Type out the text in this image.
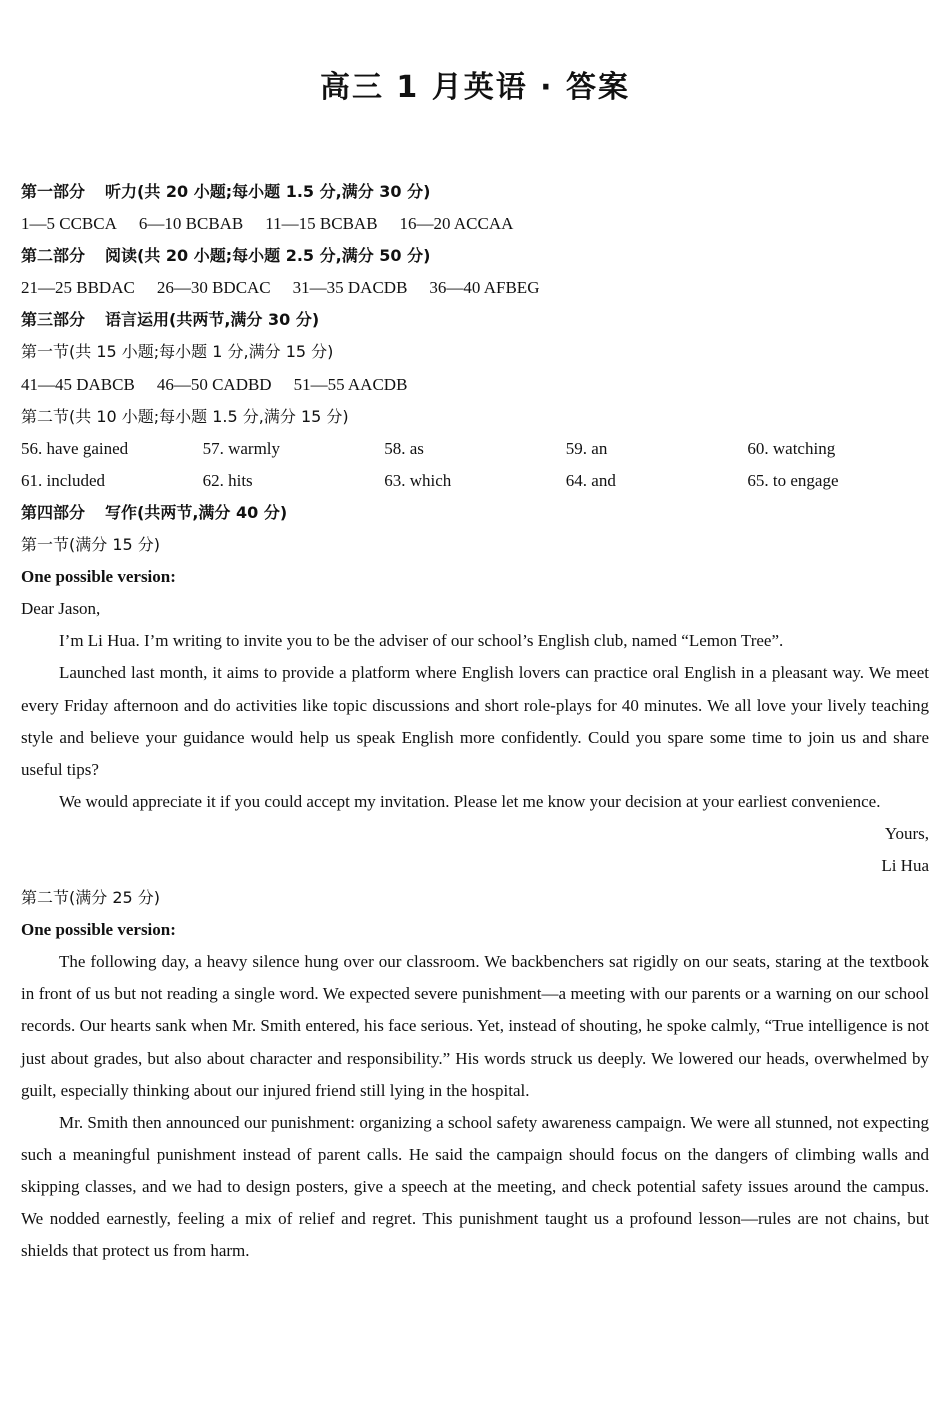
高三 1 月英语 · 答案
第一部分 听力(共 20 小题;每小题 1.5 分,满分 30 分)
1—5 CCBCA 6—10 BCBAB 11—15 BCBAB 16—20 ACCAA
第二部分 阅读(共 20 小题;每小题 2.5 分,满分 50 分)
21—25 BBDAC 26—30 BDCAC 31—35 DACDB 36—40 AFBEG
第三部分 语言运用(共两节,满分 30 分)
第一节(共 15 小题;每小题 1 分,满分 15 分)
41—45 DABCB 46—50 CADBD 51—55 AACDB
第二节(共 10 小题;每小题 1.5 分,满分 15 分)
56. have gained	57. warmly	58. as	59. an	60. watching
61. included	62. hits	63. which	64. and	65. to engage
第四部分 写作(共两节,满分 40 分)
第一节(满分 15 分)
One possible version:
Dear Jason,
I’m Li Hua. I’m writing to invite you to be the adviser of our school’s English club, named “Lemon Tree”.
Launched last month, it aims to provide a platform where English lovers can practice oral English in a pleasant way. We meet every Friday afternoon and do activities like topic discussions and short role-plays for 40 minutes. We all love your lively teaching style and believe your guidance would help us speak English more confidently. Could you spare some time to join us and share useful tips?
We would appreciate it if you could accept my invitation. Please let me know your decision at your earliest convenience.
Yours,
Li Hua
第二节(满分 25 分)
One possible version:
The following day, a heavy silence hung over our classroom. We backbenchers sat rigidly on our seats, staring at the textbook in front of us but not reading a single word. We expected severe punishment—a meeting with our parents or a warning on our school records. Our hearts sank when Mr. Smith entered, his face serious. Yet, instead of shouting, he spoke calmly, “True intelligence is not just about grades, but also about character and responsibility.” His words struck us deeply. We lowered our heads, overwhelmed by guilt, especially thinking about our injured friend still lying in the hospital.
Mr. Smith then announced our punishment: organizing a school safety awareness campaign. We were all stunned, not expecting such a meaningful punishment instead of parent calls. He said the campaign should focus on the dangers of climbing walls and skipping classes, and we had to design posters, give a speech at the meeting, and check potential safety issues around the campus. We nodded earnestly, feeling a mix of relief and regret. This punishment taught us a profound lesson—rules are not chains, but shields that protect us from harm.
